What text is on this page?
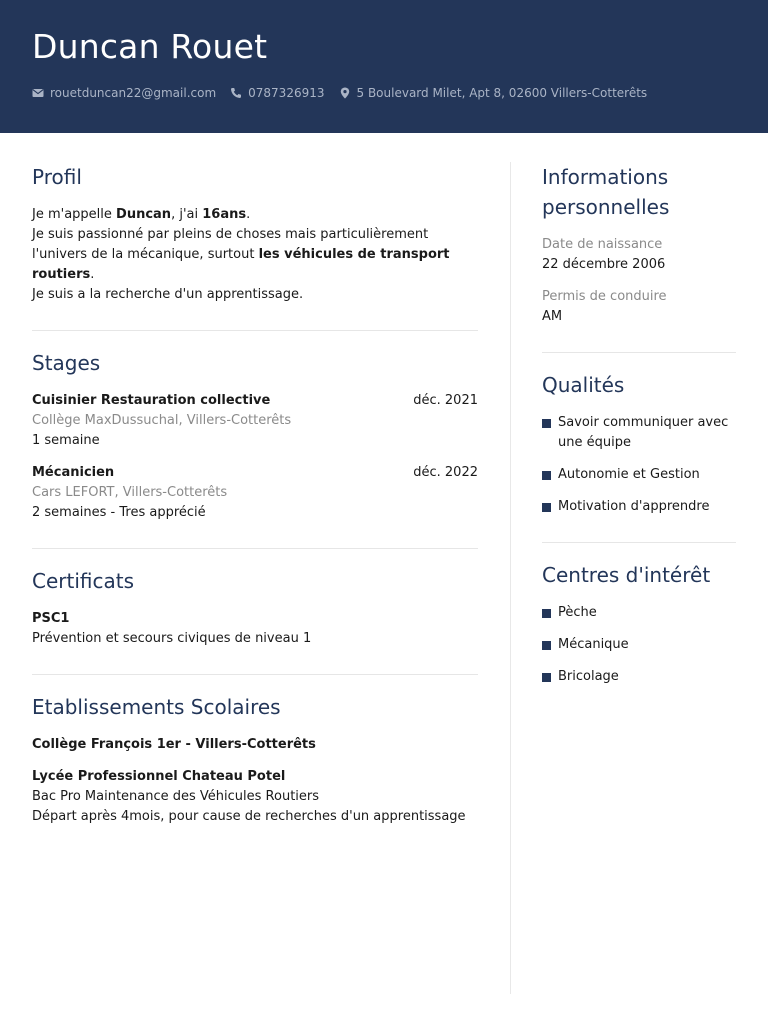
Duncan Rouet
rouetduncan22@gmail.com	0787326913	5 Boulevard Milet, Apt 8, 02600 Villers-Cotterêts
Profil
Je m'appelle Duncan, j'ai 16ans.
Je suis passionné par pleins de choses mais particulièrement
l'univers de la mécanique, surtout les véhicules de transport routiers.
Je suis a la recherche d'un apprentissage.
Stages
Cuisinier Restauration collective	déc. 2021
Collège MaxDussuchal, Villers-Cotterêts
1 semaine
Mécanicien	déc. 2022
Cars LEFORT, Villers-Cotterêts
2 semaines - Tres apprécié
Certificats
PSC1
Prévention et secours civiques de niveau 1
Etablissements Scolaires
Collège François 1er - Villers-Cotterêts
Lycée Professionnel Chateau Potel
Bac Pro Maintenance des Véhicules Routiers
Départ après 4mois, pour cause de recherches d'un apprentissage
Informations
personnelles
Date de naissance
22 décembre 2006
Permis de conduire
AM
Qualités
Savoir communiquer avec une équipe
Autonomie et Gestion
Motivation d'apprendre
Centres d'intérêt
Pèche
Mécanique
Bricolage
